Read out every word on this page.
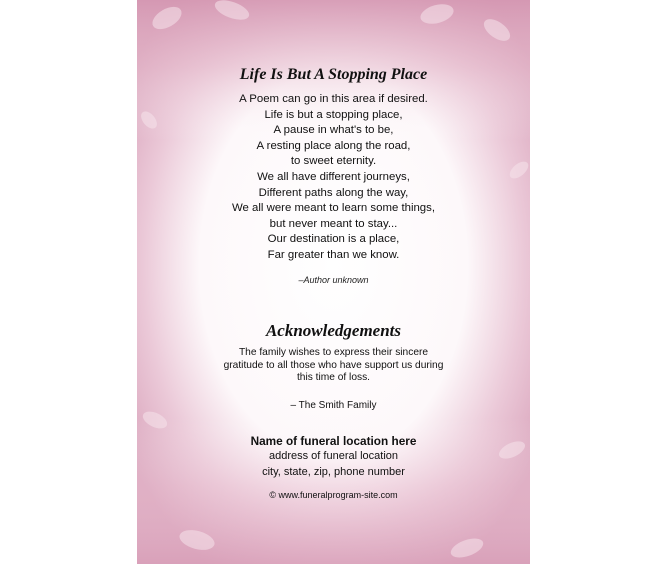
Life Is But A Stopping Place
A Poem can go in this area if desired.
Life is but a stopping place,
A pause in what's to be,
A resting place along the road,
to sweet eternity.
We all have different journeys,
Different paths along the way,
We all were meant to learn some things,
but never meant to stay...
Our destination is a place,
Far greater than we know.
–Author unknown
Acknowledgements
The family wishes to express their sincere
gratitude to all those who have support us during
this time of loss.
– The Smith Family
Name of funeral location here
address of funeral location
city, state, zip, phone number
© www.funeralprogram-site.com
